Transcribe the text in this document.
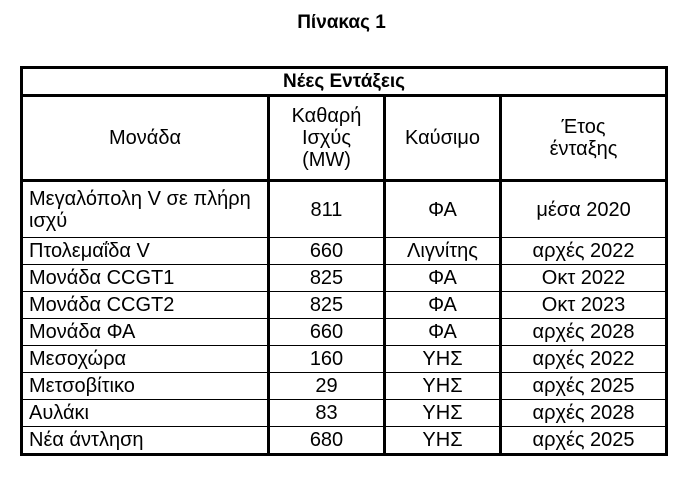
Πίνακας 1
Νέες Εντάξεις			
Μονάδα	Καθαρή Ισχύς (MW)	Καύσιμο	Έτος ένταξης
Μεγαλόπολη V σε πλήρη ισχύ	811	ΦΑ	μέσα 2020
Πτολεμαΐδα V	660	Λιγνίτης	αρχές 2022
Μονάδα CCGT1	825	ΦΑ	Οκτ 2022
Μονάδα CCGT2	825	ΦΑ	Οκτ 2023
Μονάδα ΦΑ	660	ΦΑ	αρχές 2028
Μεσοχώρα	160	ΥΗΣ	αρχές 2022
Μετσοβίτικο	29	ΥΗΣ	αρχές 2025
Αυλάκι	83	ΥΗΣ	αρχές 2028
Νέα άντληση	680	ΥΗΣ	αρχές 2025
